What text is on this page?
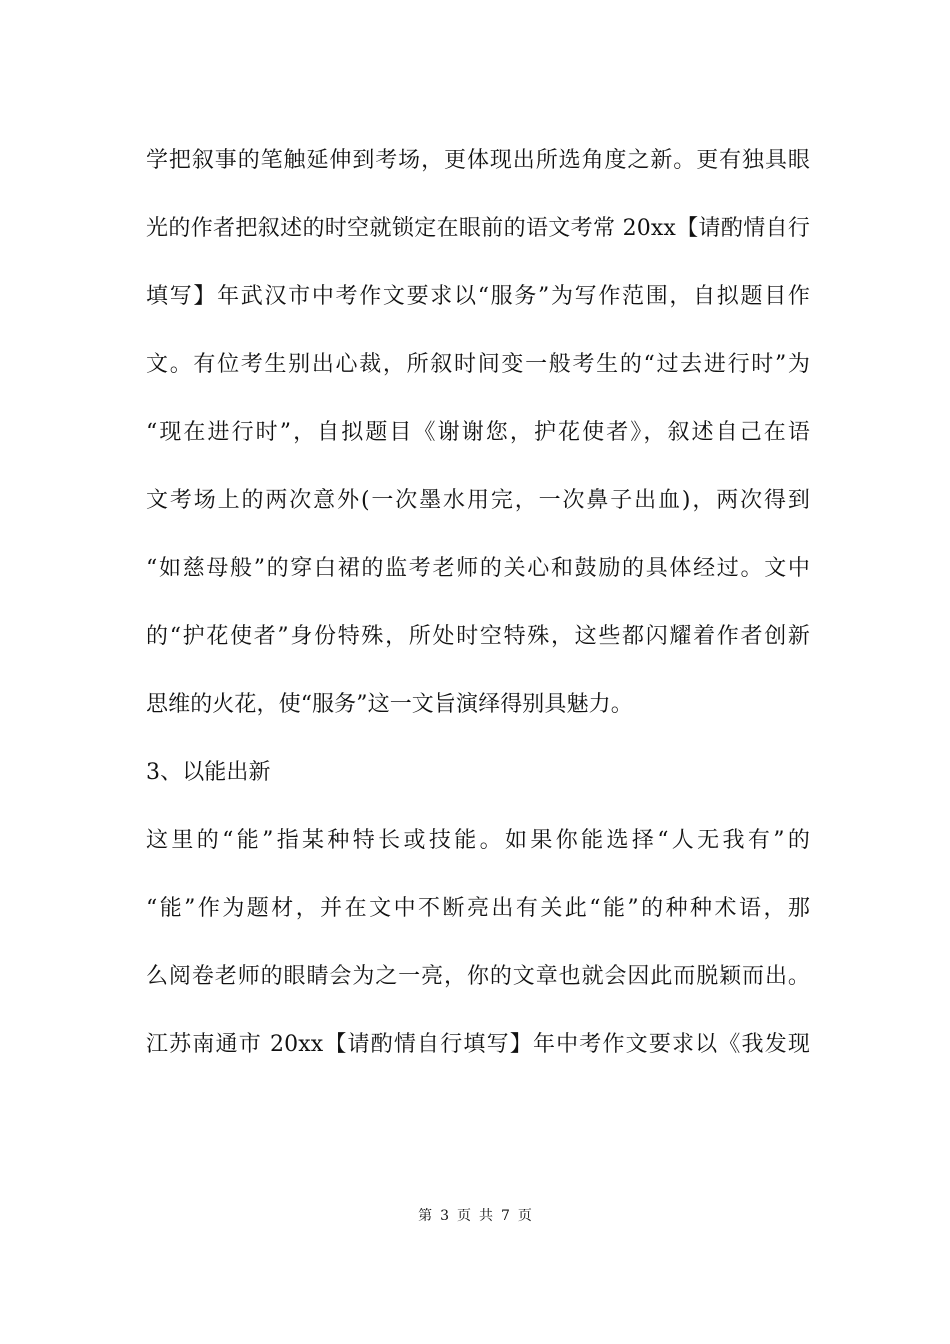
学把叙事的笔触延伸到考场，更体现出所选角度之新。更有独具眼
光的作者把叙述的时空就锁定在眼前的语文考常 20xx【请酌情自行
填写】年武汉市中考作文要求以“服务”为写作范围，自拟题目作
文。有位考生别出心裁，所叙时间变一般考生的“过去进行时”为
“现在进行时”，自拟题目《谢谢您，护花使者》，叙述自己在语
文考场上的两次意外(一次墨水用完，一次鼻子出血)，两次得到
“如慈母般”的穿白裙的监考老师的关心和鼓励的具体经过。文中
的“护花使者”身份特殊，所处时空特殊，这些都闪耀着作者创新
思维的火花，使“服务”这一文旨演绎得别具魅力。
3、以能出新
这里的“能”指某种特长或技能。如果你能选择“人无我有”的
“能”作为题材，并在文中不断亮出有关此“能”的种种术语，那
么阅卷老师的眼睛会为之一亮，你的文章也就会因此而脱颖而出。
江苏南通市 20xx【请酌情自行填写】年中考作文要求以《我发现
第 3 页 共 7 页
